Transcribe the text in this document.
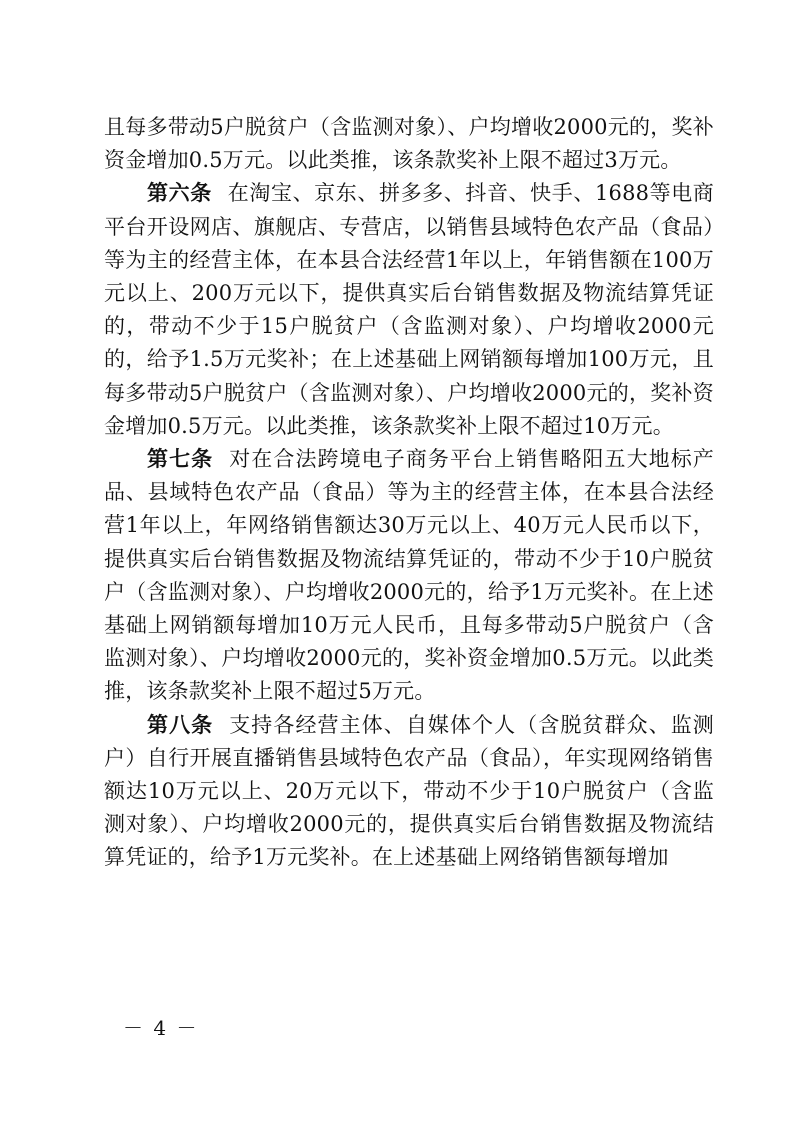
且每多带动5户脱贫户（含监测对象）、户均增收2000元的，奖补资金增加0.5万元。以此类推，该条款奖补上限不超过3万元。

第六条 在淘宝、京东、拼多多、抖音、快手、1688等电商平台开设网店、旗舰店、专营店，以销售县域特色农产品（食品）等为主的经营主体，在本县合法经营1年以上，年销售额在100万元以上、200万元以下，提供真实后台销售数据及物流结算凭证的，带动不少于15户脱贫户（含监测对象）、户均增收2000元的，给予1.5万元奖补；在上述基础上网销额每增加100万元，且每多带动5户脱贫户（含监测对象）、户均增收2000元的，奖补资金增加0.5万元。以此类推，该条款奖补上限不超过10万元。

第七条 对在合法跨境电子商务平台上销售略阳五大地标产品、县域特色农产品（食品）等为主的经营主体，在本县合法经营1年以上，年网络销售额达30万元以上、40万元人民币以下，提供真实后台销售数据及物流结算凭证的，带动不少于10户脱贫户（含监测对象）、户均增收2000元的，给予1万元奖补。在上述基础上网销额每增加10万元人民币，且每多带动5户脱贫户（含监测对象）、户均增收2000元的，奖补资金增加0.5万元。以此类推，该条款奖补上限不超过5万元。

第八条 支持各经营主体、自媒体个人（含脱贫群众、监测户）自行开展直播销售县域特色农产品（食品），年实现网络销售额达10万元以上、20万元以下，带动不少于10户脱贫户（含监测对象）、户均增收2000元的，提供真实后台销售数据及物流结算凭证的，给予1万元奖补。在上述基础上网络销售额每增加

－ 4 －
